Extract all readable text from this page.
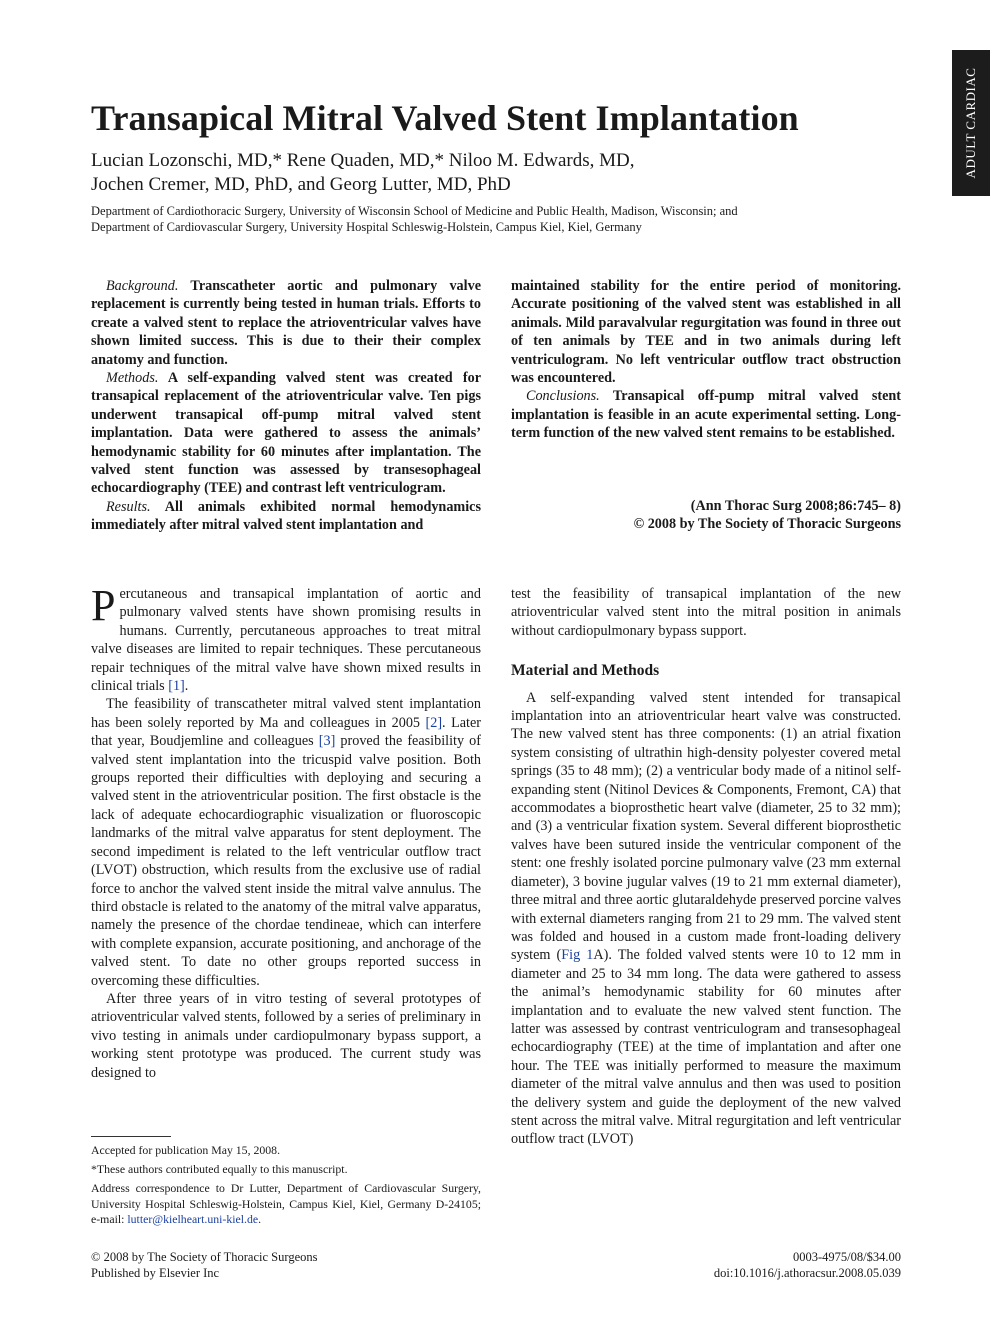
ADULT CARDIAC
Transapical Mitral Valved Stent Implantation
Lucian Lozonschi, MD,* Rene Quaden, MD,* Niloo M. Edwards, MD,
Jochen Cremer, MD, PhD, and Georg Lutter, MD, PhD
Department of Cardiothoracic Surgery, University of Wisconsin School of Medicine and Public Health, Madison, Wisconsin; and
Department of Cardiovascular Surgery, University Hospital Schleswig-Holstein, Campus Kiel, Kiel, Germany

Background. Transcatheter aortic and pulmonary valve replacement is currently being tested in human trials. Efforts to create a valved stent to replace the atrioventricular valves have shown limited success. This is due to their their complex anatomy and function.

Methods. A self-expanding valved stent was created for transapical replacement of the atrioventricular valve. Ten pigs underwent transapical off-pump mitral valved stent implantation. Data were gathered to assess the animals’ hemodynamic stability for 60 minutes after implantation. The valved stent function was assessed by transesophageal echocardiography (TEE) and contrast left ventriculogram.

Results. All animals exhibited normal hemodynamics immediately after mitral valved stent implantation and

maintained stability for the entire period of monitoring. Accurate positioning of the valved stent was established in all animals. Mild paravalvular regurgitation was found in three out of ten animals by TEE and in two animals during left ventriculogram. No left ventricular outflow tract obstruction was encountered.

Conclusions. Transapical off-pump mitral valved stent implantation is feasible in an acute experimental setting. Long-term function of the new valved stent remains to be established.

(Ann Thorac Surg 2008;86:745– 8)
© 2008 by The Society of Thoracic Surgeons

Percutaneous and transapical implantation of aortic and pulmonary valved stents have shown promising results in humans. Currently, percutaneous approaches to treat mitral valve diseases are limited to repair techniques. These percutaneous repair techniques of the mitral valve have shown mixed results in clinical trials [1].

The feasibility of transcatheter mitral valved stent implantation has been solely reported by Ma and colleagues in 2005 [2]. Later that year, Boudjemline and colleagues [3] proved the feasibility of valved stent implantation into the tricuspid valve position. Both groups reported their difficulties with deploying and securing a valved stent in the atrioventricular position. The first obstacle is the lack of adequate echocardiographic visualization or fluoroscopic landmarks of the mitral valve apparatus for stent deployment. The second impediment is related to the left ventricular outflow tract (LVOT) obstruction, which results from the exclusive use of radial force to anchor the valved stent inside the mitral valve annulus. The third obstacle is related to the anatomy of the mitral valve apparatus, namely the presence of the chordae tendineae, which can interfere with complete expansion, accurate positioning, and anchorage of the valved stent. To date no other groups reported success in overcoming these difficulties.

After three years of in vitro testing of several prototypes of atrioventricular valved stents, followed by a series of preliminary in vivo testing in animals under cardiopulmonary bypass support, a working stent prototype was produced. The current study was designed to

test the feasibility of transapical implantation of the new atrioventricular valved stent into the mitral position in animals without cardiopulmonary bypass support.

Material and Methods

A self-expanding valved stent intended for transapical implantation into an atrioventricular heart valve was constructed. The new valved stent has three components: (1) an atrial fixation system consisting of ultrathin high-density polyester covered metal springs (35 to 48 mm); (2) a ventricular body made of a nitinol self-expanding stent (Nitinol Devices & Components, Fremont, CA) that accommodates a bioprosthetic heart valve (diameter, 25 to 32 mm); and (3) a ventricular fixation system. Several different bioprosthetic valves have been sutured inside the ventricular component of the stent: one freshly isolated porcine pulmonary valve (23 mm external diameter), 3 bovine jugular valves (19 to 21 mm external diameter), three mitral and three aortic glutaraldehyde preserved porcine valves with external diameters ranging from 21 to 29 mm. The valved stent was folded and housed in a custom made front-loading delivery system (Fig 1A). The folded valved stents were 10 to 12 mm in diameter and 25 to 34 mm long. The data were gathered to assess the animal’s hemodynamic stability for 60 minutes after implantation and to evaluate the new valved stent function. The latter was assessed by contrast ventriculogram and transesophageal echocardiography (TEE) at the time of implantation and after one hour. The TEE was initially performed to measure the maximum diameter of the mitral valve annulus and then was used to position the delivery system and guide the deployment of the new valved stent across the mitral valve. Mitral regurgitation and left ventricular outflow tract (LVOT)

Accepted for publication May 15, 2008.

*These authors contributed equally to this manuscript.

Address correspondence to Dr Lutter, Department of Cardiovascular Surgery, University Hospital Schleswig-Holstein, Campus Kiel, Kiel, Germany D-24105; e-mail: lutter@kielheart.uni-kiel.de.

© 2008 by The Society of Thoracic Surgeons
Published by Elsevier Inc
0003-4975/08/$34.00
doi:10.1016/j.athoracsur.2008.05.039
